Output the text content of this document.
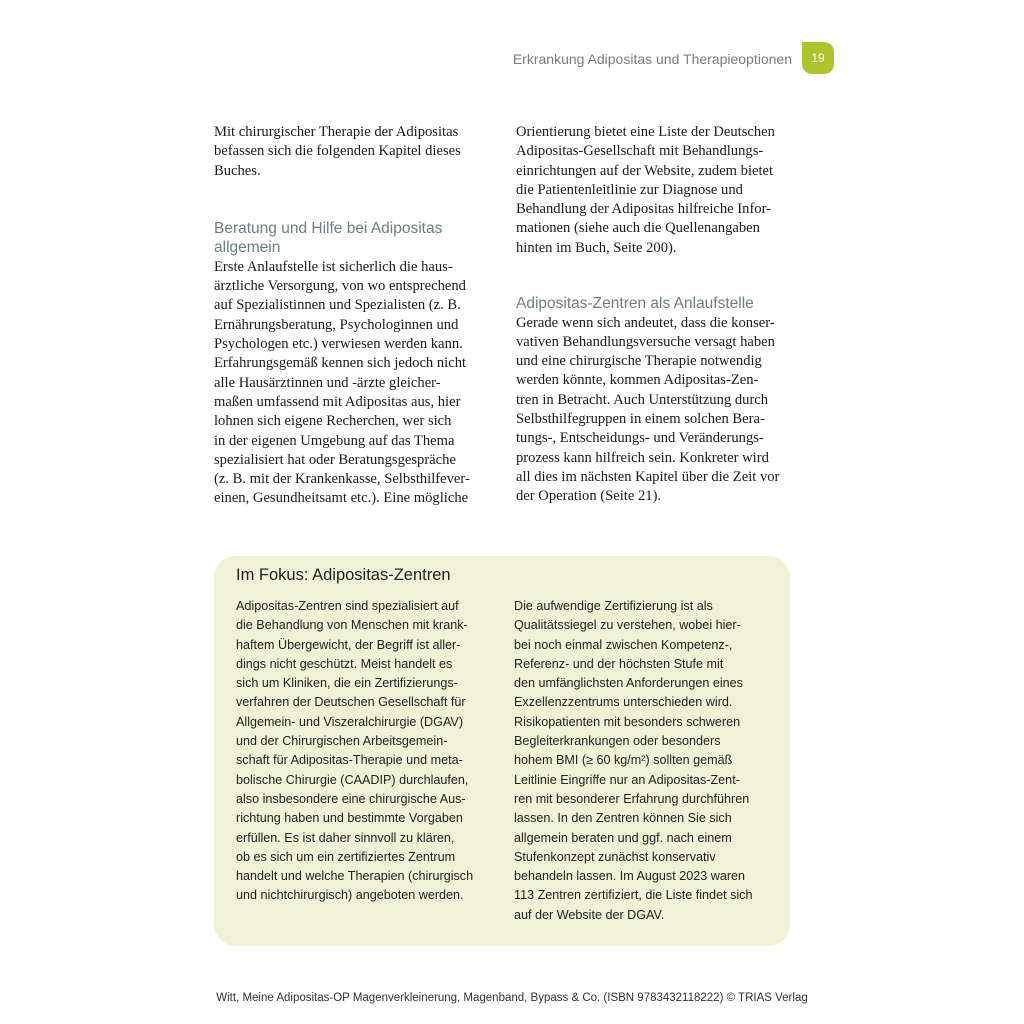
Erkrankung Adipositas und Therapieoptionen	19

Mit chirurgischer Therapie der Adipositas
befassen sich die folgenden Kapitel dieses
Buches.

Beratung und Hilfe bei Adipositas
allgemein

Erste Anlaufstelle ist sicherlich die haus-
ärztliche Versorgung, von wo entsprechend
auf Spezialistinnen und Spezialisten (z. B.
Ernährungsberatung, Psychologinnen und
Psychologen etc.) verwiesen werden kann.
Erfahrungsgemäß kennen sich jedoch nicht
alle Hausärztinnen und -ärzte gleicher-
maßen umfassend mit Adipositas aus, hier
lohnen sich eigene Recherchen, wer sich
in der eigenen Umgebung auf das Thema
spezialisiert hat oder Beratungsgespräche
(z. B. mit der Krankenkasse, Selbsthilfever-
einen, Gesundheitsamt etc.). Eine mögliche

Orientierung bietet eine Liste der Deutschen
Adipositas-Gesellschaft mit Behandlungs-
einrichtungen auf der Website, zudem bietet
die Patientenleitlinie zur Diagnose und
Behandlung der Adipositas hilfreiche Infor-
mationen (siehe auch die Quellenangaben
hinten im Buch, Seite 200).

Adipositas-Zentren als Anlaufstelle

Gerade wenn sich andeutet, dass die konser-
vativen Behandlungsversuche versagt haben
und eine chirurgische Therapie notwendig
werden könnte, kommen Adipositas-Zen-
tren in Betracht. Auch Unterstützung durch
Selbsthilfegruppen in einem solchen Bera-
tungs-, Entscheidungs- und Veränderungs-
prozess kann hilfreich sein. Konkreter wird
all dies im nächsten Kapitel über die Zeit vor
der Operation (Seite 21).

Im Fokus: Adipositas-Zentren
Adipositas-Zentren sind spezialisiert auf
die Behandlung von Menschen mit krank-
haftem Übergewicht, der Begriff ist aller-
dings nicht geschützt. Meist handelt es
sich um Kliniken, die ein Zertifizierungs-
verfahren der Deutschen Gesellschaft für
Allgemein- und Viszeralchirurgie (DGAV)
und der Chirurgischen Arbeitsgemein-
schaft für Adipositas-Therapie und meta-
bolische Chirurgie (CAADIP) durchlaufen,
also insbesondere eine chirurgische Aus-
richtung haben und bestimmte Vorgaben
erfüllen. Es ist daher sinnvoll zu klären,
ob es sich um ein zertifiziertes Zentrum
handelt und welche Therapien (chirurgisch
und nichtchirurgisch) angeboten werden.
Die aufwendige Zertifizierung ist als
Qualitätssiegel zu verstehen, wobei hier-
bei noch einmal zwischen Kompetenz-,
Referenz- und der höchsten Stufe mit
den umfänglichsten Anforderungen eines
Exzellenzzentrums unterschieden wird.
Risikopatienten mit besonders schweren
Begleiterkrankungen oder besonders
hohem BMI (≥ 60 kg/m²) sollten gemäß
Leitlinie Eingriffe nur an Adipositas-Zent-
ren mit besonderer Erfahrung durchführen
lassen. In den Zentren können Sie sich
allgemein beraten und ggf. nach einem
Stufenkonzept zunächst konservativ
behandeln lassen. Im August 2023 waren
113 Zentren zertifiziert, die Liste findet sich
auf der Website der DGAV.
Witt, Meine Adipositas-OP Magenverkleinerung, Magenband, Bypass & Co. (ISBN 9783432118222) © TRIAS Verlag
